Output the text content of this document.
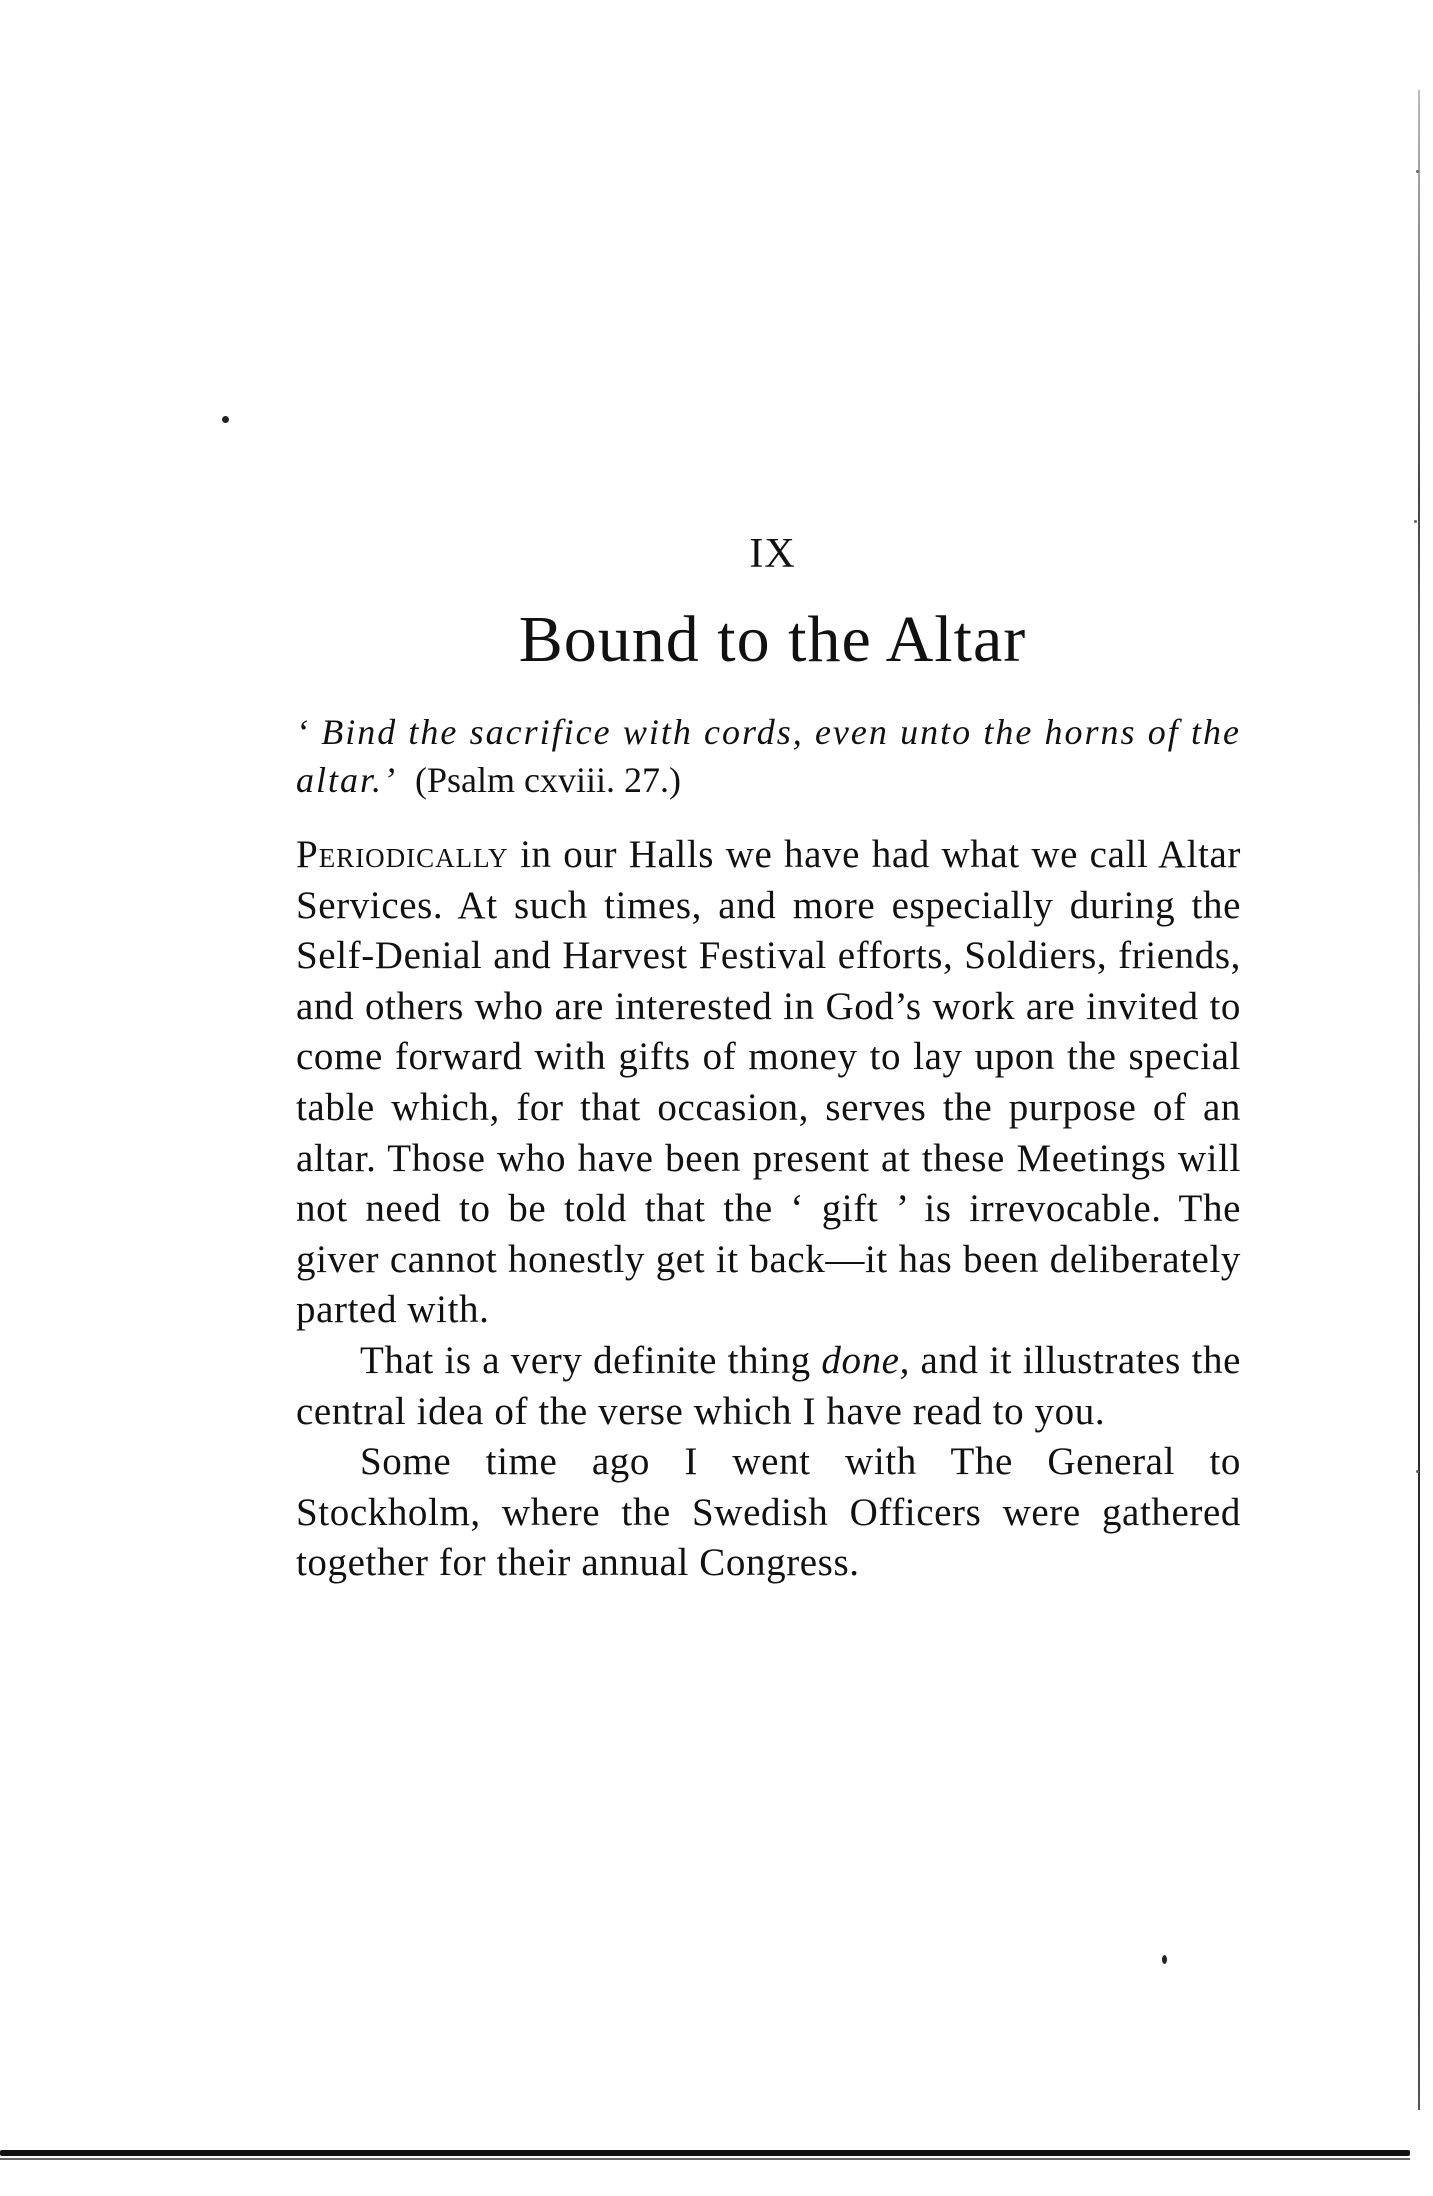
IX
Bound to the Altar
‘ Bind the sacrifice with cords, even unto the horns of the altar.’ (Psalm cxviii. 27.)

Periodically in our Halls we have had what we call Altar Services. At such times, and more especially during the Self-Denial and Harvest Festival efforts, Soldiers, friends, and others who are interested in God’s work are invited to come forward with gifts of money to lay upon the special table which, for that occasion, serves the purpose of an altar. Those who have been present at these Meetings will not need to be told that the ‘ gift ’ is irrevocable. The giver cannot honestly get it back—it has been deliberately parted with.

That is a very definite thing done, and it illustrates the central idea of the verse which I have read to you.

Some time ago I went with The General to Stockholm, where the Swedish Officers were gathered together for their annual Congress.
